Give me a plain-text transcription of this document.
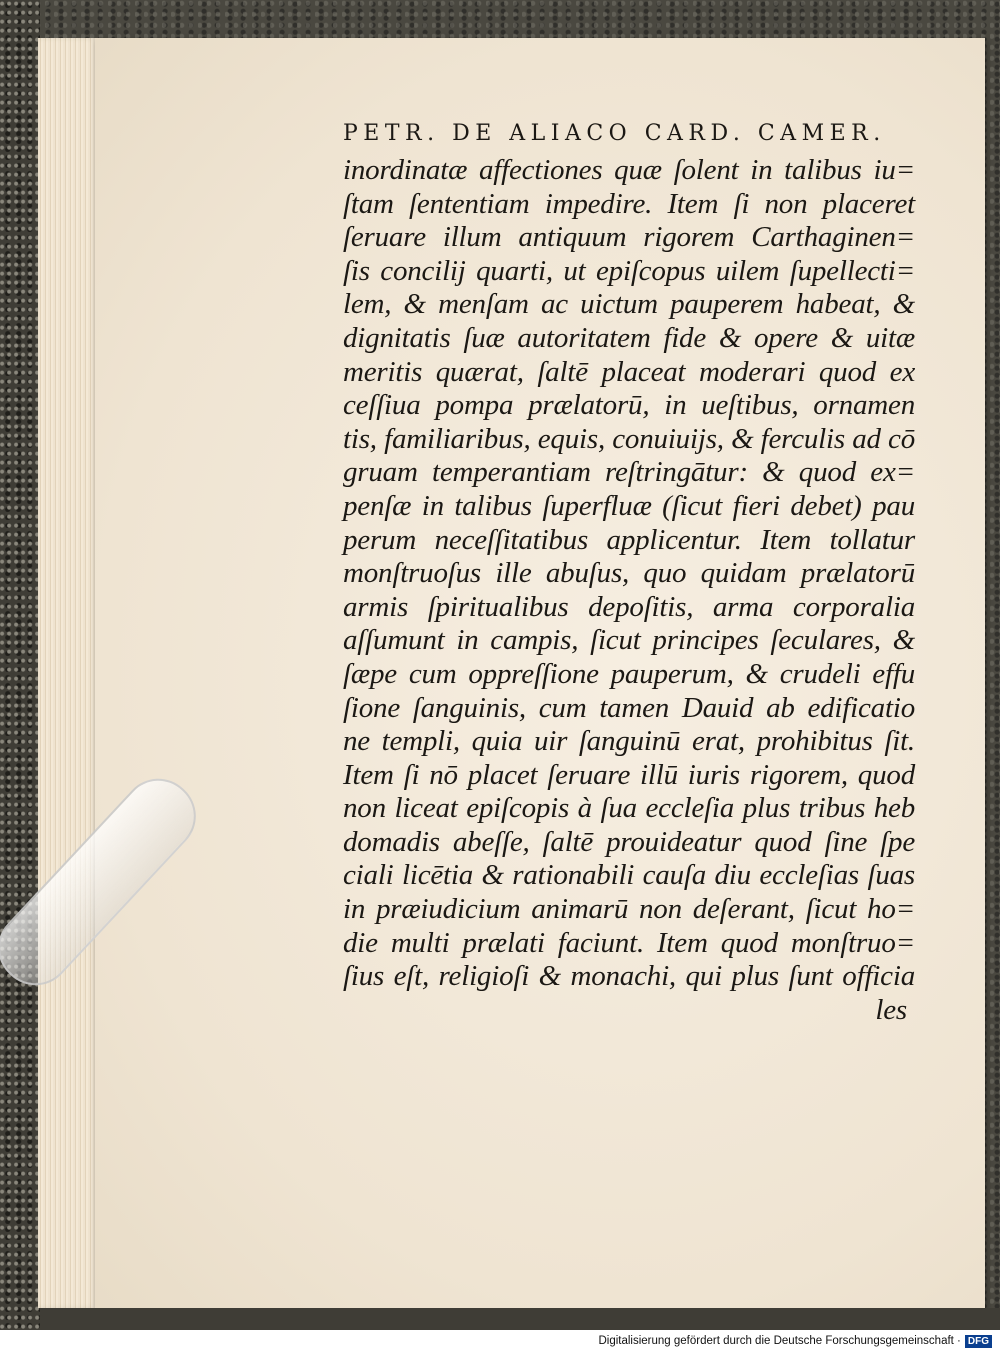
PETR. DE ALIACO CARD. CAMER.
inordinatæ affectiones quæ ſolent in talibus iu=
ſtam ſententiam impedire. Item ſi non placeret
ſeruare illum antiquum rigorem Carthaginen=
ſis concilij quarti, ut epiſcopus uilem ſupellecti=
lem, & menſam ac uictum pauperem habeat, &
dignitatis ſuæ autoritatem fide & opere & uitæ
meritis quærat, ſaltē placeat moderari quod ex
ceſſiua pompa prælatorū, in ueſtibus, ornamen
tis, familiaribus, equis, conuiuijs, & ferculis ad cō
gruam temperantiam reſtringātur: & quod ex=
penſæ in talibus ſuperfluæ (ſicut fieri debet) pau
perum neceſſitatibus applicentur. Item tollatur
monſtruoſus ille abuſus, quo quidam prælatorū
armis ſpiritualibus depoſitis, arma corporalia
aſſumunt in campis, ſicut principes ſeculares, &
ſæpe cum oppreſſione pauperum, & crudeli effu
ſione ſanguinis, cum tamen Dauid ab edificatio
ne templi, quia uir ſanguinū erat, prohibitus ſit.
Item ſi nō placet ſeruare illū iuris rigorem, quod
non liceat epiſcopis à ſua eccleſia plus tribus heb
domadis abeſſe, ſaltē prouideatur quod ſine ſpe
ciali licētia & rationabili cauſa diu eccleſias ſuas
in præiudicium animarū non deſerant, ſicut ho=
die multi prælati faciunt. Item quod monſtruo=
ſius eſt, religioſi & monachi, qui plus ſunt officia
les
Digitalisierung gefördert durch die Deutsche Forschungsgemeinschaft · DFG
